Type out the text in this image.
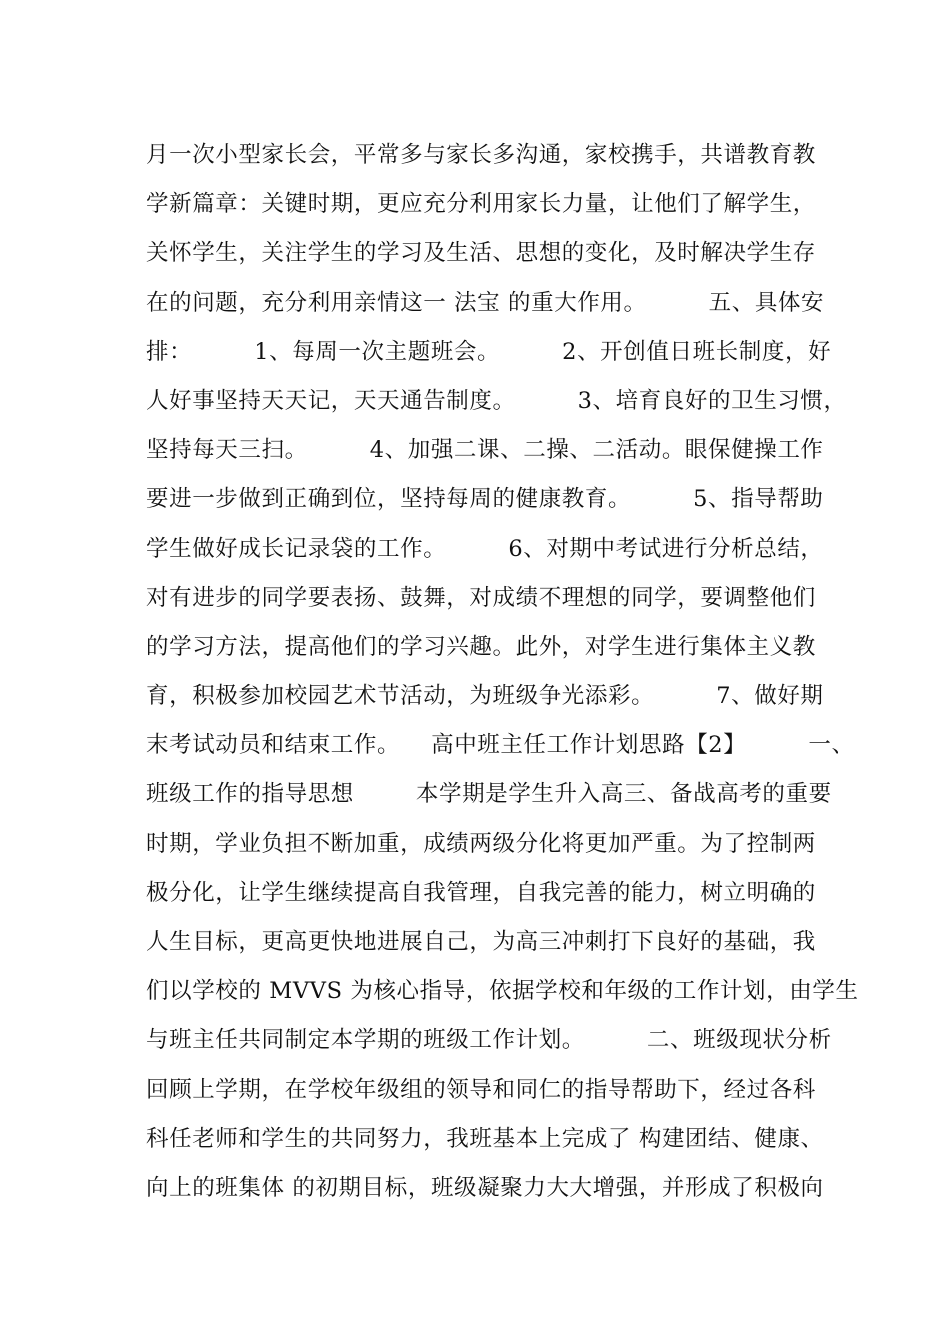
月一次小型家长会，平常多与家长多沟通，家校携手，共谱教育教
学新篇章：关键时期，更应充分利用家长力量，让他们了解学生，
关怀学生，关注学生的学习及生活、思想的变化，及时解决学生存
在的问题，充分利用亲情这一 法宝 的重大作用。        五、具体安
排：        1、每周一次主题班会。        2、开创值日班长制度，好
人好事坚持天天记，天天通告制度。        3、培育良好的卫生习惯，
坚持每天三扫。        4、加强二课、二操、二活动。眼保健操工作
要进一步做到正确到位，坚持每周的健康教育。        5、指导帮助
学生做好成长记录袋的工作。        6、对期中考试进行分析总结，
对有进步的同学要表扬、鼓舞，对成绩不理想的同学，要调整他们
的学习方法，提高他们的学习兴趣。此外，对学生进行集体主义教
育，积极参加校园艺术节活动，为班级争光添彩。        7、做好期
末考试动员和结束工作。    高中班主任工作计划思路【2】        一、
班级工作的指导思想        本学期是学生升入高三、备战高考的重要
时期，学业负担不断加重，成绩两级分化将更加严重。为了控制两
极分化，让学生继续提高自我管理，自我完善的能力，树立明确的
人生目标，更高更快地进展自己，为高三冲刺打下良好的基础，我
们以学校的 MVVS 为核心指导，依据学校和年级的工作计划，由学生
与班主任共同制定本学期的班级工作计划。        二、班级现状分析
回顾上学期，在学校年级组的领导和同仁的指导帮助下，经过各科
科任老师和学生的共同努力，我班基本上完成了 构建团结、健康、
向上的班集体 的初期目标，班级凝聚力大大增强，并形成了积极向
